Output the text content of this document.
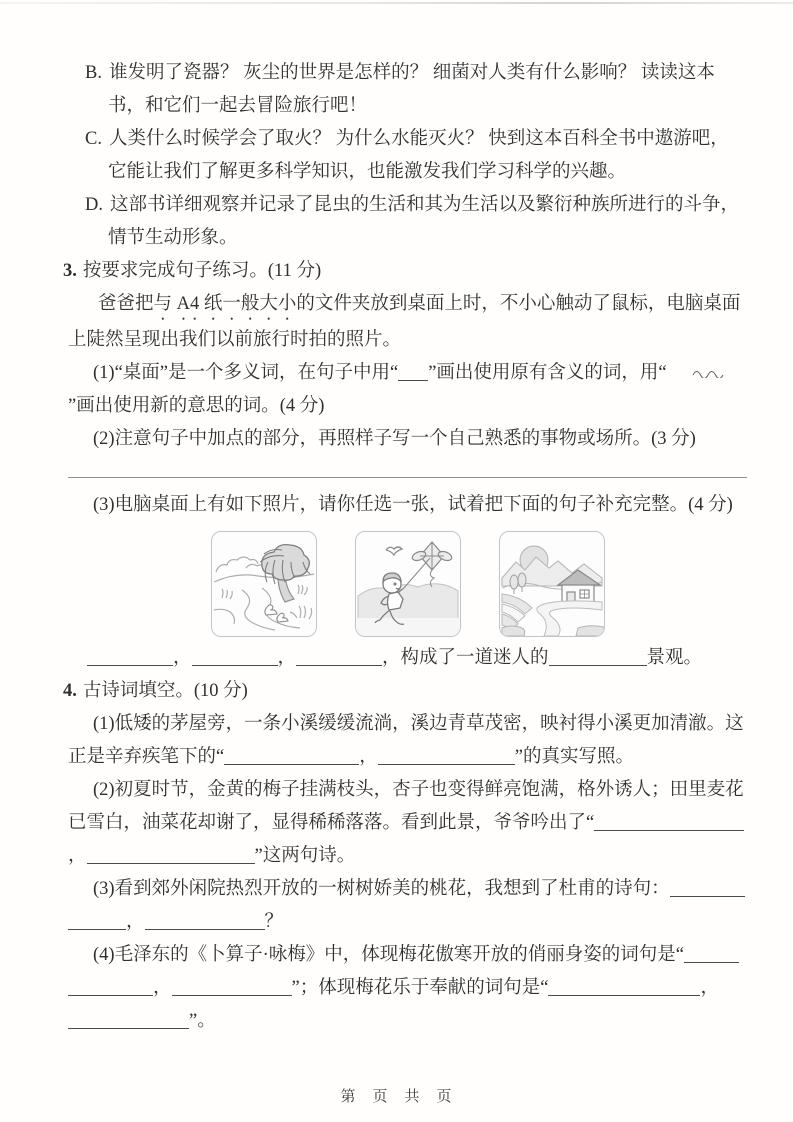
B. 谁发明了瓷器？ 灰尘的世界是怎样的？ 细菌对人类有什么影响？ 读读这本书，和它们一起去冒险旅行吧！

C. 人类什么时候学会了取火？ 为什么水能灭火？ 快到这本百科全书中遨游吧，它能让我们了解更多科学知识，也能激发我们学习科学的兴趣。

D. 这部书详细观察并记录了昆虫的生活和其为生活以及繁衍种族所进行的斗争，情节生动形象。

3. 按要求完成句子练习。(11 分)

爸爸把与 A4 纸一般大小的文件夹放到桌面上时，不小心触动了鼠标，电脑桌面上陡然呈现出我们以前旅行时拍的照片。

(1)“桌面”是一个多义词，在句子中用“ ”画出使用原有含义的词，用“”画出使用新的意思的词。(4 分)

(2)注意句子中加点的部分，再照样子写一个自己熟悉的事物或场所。(3 分)

(3)电脑桌面上有如下照片，请你任选一张，试着把下面的句子补充完整。(4 分)

，	，	，构成了一道迷人的	景观。

4. 古诗词填空。(10 分)

(1)低矮的茅屋旁，一条小溪缓缓流淌，溪边青草茂密，映衬得小溪更加清澈。这正是辛弃疾笔下的“	，	”的真实写照。

(2)初夏时节，金黄的梅子挂满枝头，杏子也变得鲜亮饱满，格外诱人；田里麦花已雪白，油菜花却谢了，显得稀稀落落。看到此景，爷爷吟出了“，	”这两句诗。

(3)看到郊外闲院热烈开放的一树树娇美的桃花，我想到了杜甫的诗句：，	？

(4)毛泽东的《卜算子·咏梅》中，体现梅花傲寒开放的俏丽身姿的词句是“，	”；体现梅花乐于奉献的词句是“	，”。

第　页　共　页
